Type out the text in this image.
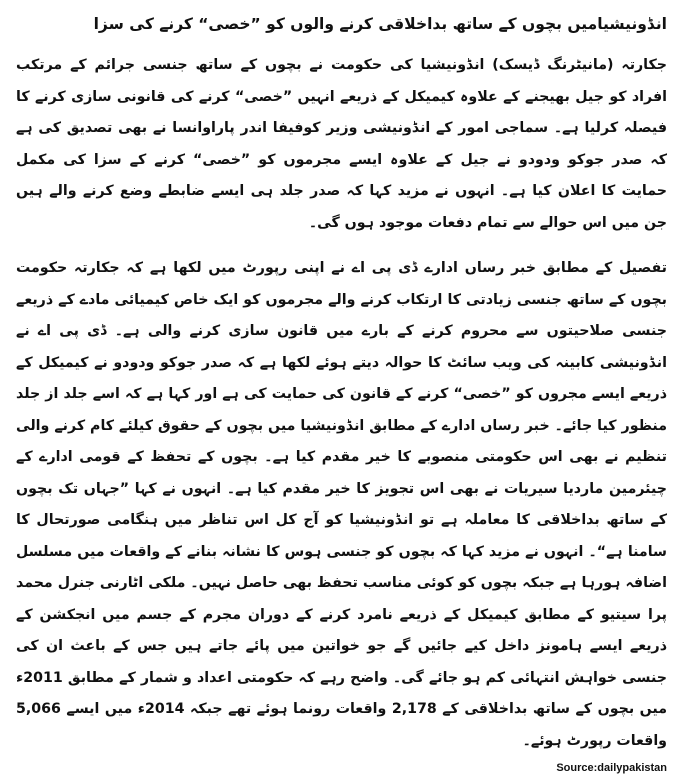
انڈونیشیامیں بچوں کے ساتھ بداخلاقی کرنے والوں کو ”خصی“ کرنے کی سزا

جکارتہ (مانیٹرنگ ڈیسک) انڈونیشیا کی حکومت نے بچوں کے ساتھ جنسی جرائم کے مرتکب افراد کو جیل بھیجنے کے علاوہ کیمیکل کے ذریعے انہیں ”خصی“ کرنے کی قانونی سازی کرنے کا فیصلہ کرلیا ہے۔ سماجی امور کے انڈونیشی وزیر کوفیفا اندر پاراوانسا نے بھی تصدیق کی ہے کہ صدر جوکو ودودو نے جیل کے علاوہ ایسے مجرموں کو ”خصی“ کرنے کے سزا کی مکمل حمایت کا اعلان کیا ہے۔ انہوں نے مزید کہا کہ صدر جلد ہی ایسے ضابطے وضع کرنے والے ہیں جن میں اس حوالے سے تمام دفعات موجود ہوں گی۔

تفصیل کے مطابق خبر رساں ادارے ڈی پی اے نے اپنی رپورٹ میں لکھا ہے کہ جکارتہ حکومت بچوں کے ساتھ جنسی زیادتی کا ارتکاب کرنے والے مجرموں کو ایک خاص کیمیائی مادے کے ذریعے جنسی صلاحیتوں سے محروم کرنے کے بارے میں قانون سازی کرنے والی ہے۔ ڈی پی اے نے انڈونیشی کابینہ کی ویب سائٹ کا حوالہ دیتے ہوئے لکھا ہے کہ صدر جوکو ودودو نے کیمیکل کے ذریعے ایسے مجروں کو ”خصی“ کرنے کے قانون کی حمایت کی ہے اور کہا ہے کہ اسے جلد از جلد منظور کیا جائے۔ خبر رساں ادارے کے مطابق انڈونیشیا میں بچوں کے حقوق کیلئے کام کرنے والی تنظیم نے بھی اس حکومتی منصوبے کا خیر مقدم کیا ہے۔ بچوں کے تحفظ کے قومی ادارے کے چیئرمین ماردیا سیریات نے بھی اس تجویز کا خیر مقدم کیا ہے۔ انہوں نے کہا ”جہاں تک بچوں کے ساتھ بداخلاقی کا معاملہ ہے تو انڈونیشیا کو آج کل اس تناظر میں ہنگامی صورتحال کا سامنا ہے“۔ انہوں نے مزید کہا کہ بچوں کو جنسی ہوس کا نشانہ بنانے کے واقعات میں مسلسل اضافہ ہورہا ہے جبکہ بچوں کو کوئی مناسب تحفظ بھی حاصل نہیں۔ ملکی اٹارنی جنرل محمد پرا سیتیو کے مطابق کیمیکل کے ذریعے نامرد کرنے کے دوران مجرم کے جسم میں انجکشن کے ذریعے ایسے ہامونز داخل کیے جائیں گے جو خواتین میں پائے جاتے ہیں جس کے باعث ان کی جنسی خواہش انتہائی کم ہو جائے گی۔ واضح رہے کہ حکومتی اعداد و شمار کے مطابق 2011ء میں بچوں کے ساتھ بداخلاقی کے 2,178 واقعات رونما ہوئے تھے جبکہ 2014ء میں ایسے 5,066 واقعات رپورٹ ہوئے۔

Source:dailypakistan
